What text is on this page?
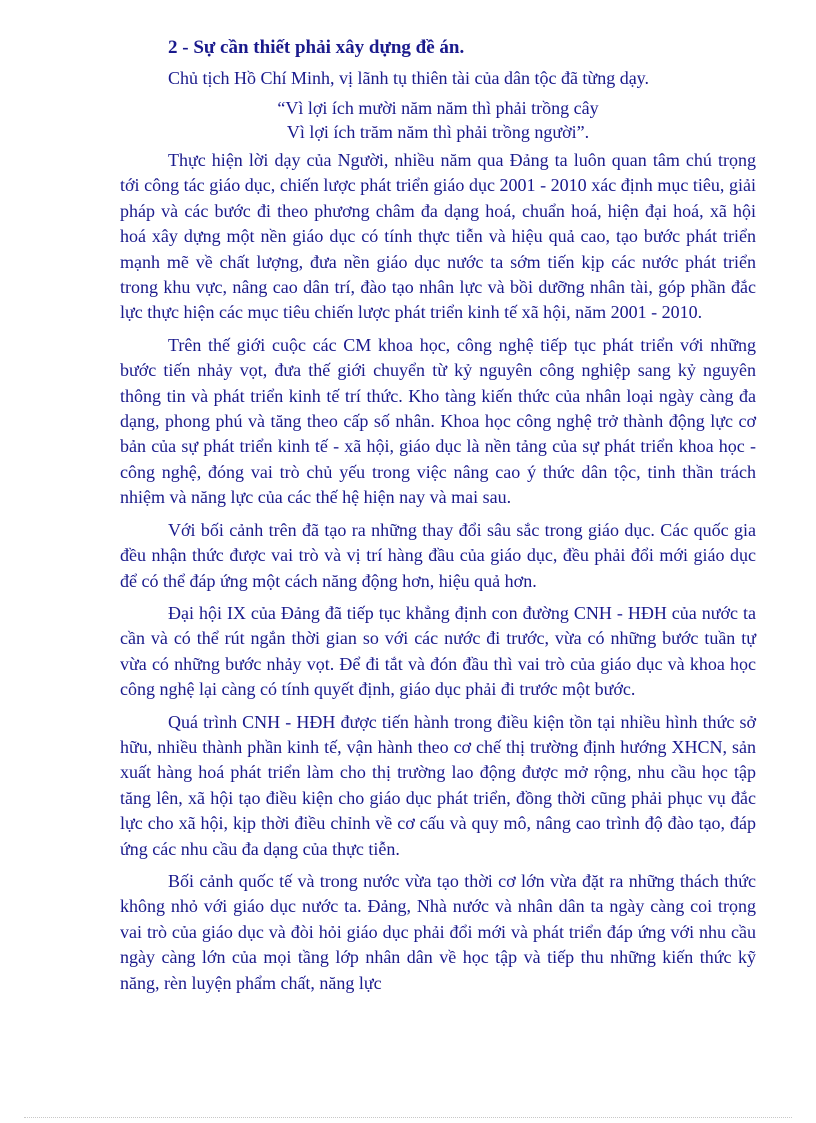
2 - Sự cần thiết phải xây dựng đề án.
Chủ tịch Hồ Chí Minh, vị lãnh tụ thiên tài của dân tộc đã từng dạy.
“Vì lợi ích mười năm năm thì phải trồng cây
Vì lợi ích trăm năm thì phải trồng người”.

Thực hiện lời dạy của Người, nhiều năm qua Đảng ta luôn quan tâm chú trọng tới công tác giáo dục, chiến lược phát triển giáo dục 2001 - 2010 xác định mục tiêu, giải pháp và các bước đi theo phương châm đa dạng hoá, chuẩn hoá, hiện đại hoá, xã hội hoá xây dựng một nền giáo dục có tính thực tiễn và hiệu quả cao, tạo bước phát triển mạnh mẽ về chất lượng, đưa nền giáo dục nước ta sớm tiến kịp các nước phát triển trong khu vực, nâng cao dân trí, đào tạo nhân lực và bồi dưỡng nhân tài, góp phần đắc lực thực hiện các mục tiêu chiến lược phát triển kinh tế xã hội, năm 2001 - 2010.

Trên thế giới cuộc các CM khoa học, công nghệ tiếp tục phát triển với những bước tiến nhảy vọt, đưa thế giới chuyển từ kỷ nguyên công nghiệp sang kỷ nguyên thông tin và phát triển kinh tế trí thức. Kho tàng kiến thức của nhân loại ngày càng đa dạng, phong phú và tăng theo cấp số nhân. Khoa học công nghệ trở thành động lực cơ bản của sự phát triển kinh tế - xã hội, giáo dục là nền tảng của sự phát triển khoa học - công nghệ, đóng vai trò chủ yếu trong việc nâng cao ý thức dân tộc, tinh thần trách nhiệm và năng lực của các thế hệ hiện nay và mai sau.

Với bối cảnh trên đã tạo ra những thay đổi sâu sắc trong giáo dục. Các quốc gia đều nhận thức được vai trò và vị trí hàng đầu của giáo dục, đều phải đổi mới giáo dục để có thể đáp ứng một cách năng động hơn, hiệu quả hơn.

Đại hội IX của Đảng đã tiếp tục khẳng định con đường CNH - HĐH của nước ta cần và có thể rút ngắn thời gian so với các nước đi trước, vừa có những bước tuần tự vừa có những bước nhảy vọt. Để đi tắt và đón đầu thì vai trò của giáo dục và khoa học công nghệ lại càng có tính quyết định, giáo dục phải đi trước một bước.

Quá trình CNH - HĐH được tiến hành trong điều kiện tồn tại nhiều hình thức sở hữu, nhiều thành phần kinh tế, vận hành theo cơ chế thị trường định hướng XHCN, sản xuất hàng hoá phát triển làm cho thị trường lao động được mở rộng, nhu cầu học tập tăng lên, xã hội tạo điều kiện cho giáo dục phát triển, đồng thời cũng phải phục vụ đắc lực cho xã hội, kịp thời điều chỉnh về cơ cấu và quy mô, nâng cao trình độ đào tạo, đáp ứng các nhu cầu đa dạng của thực tiễn.

Bối cảnh quốc tế và trong nước vừa tạo thời cơ lớn vừa đặt ra những thách thức không nhỏ với giáo dục nước ta. Đảng, Nhà nước và nhân dân ta ngày càng coi trọng vai trò của giáo dục và đòi hỏi giáo dục phải đổi mới và phát triển đáp ứng với nhu cầu ngày càng lớn của mọi tầng lớp nhân dân về học tập và tiếp thu những kiến thức kỹ năng, rèn luyện phẩm chất, năng lực
